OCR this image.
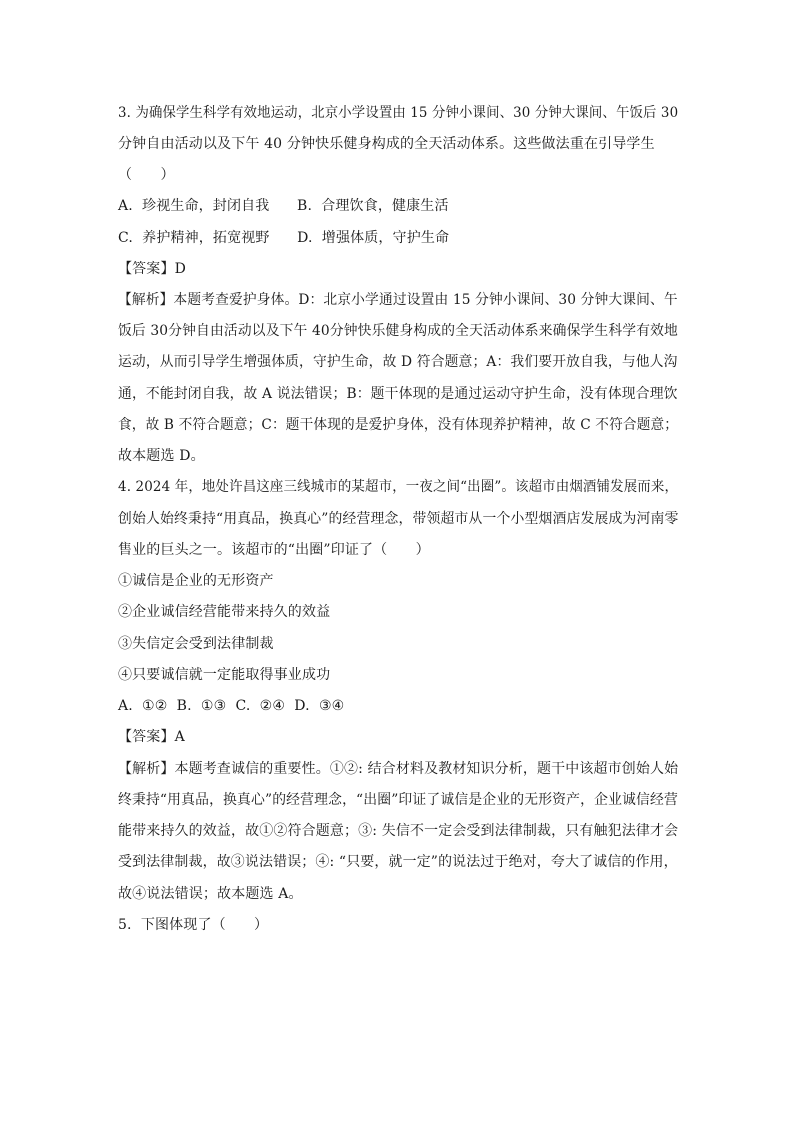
3. 为确保学生科学有效地运动，北京小学设置由 15 分钟小课间、30 分钟大课间、午饭后 30
分钟自由活动以及下午 40 分钟快乐健身构成的全天活动体系。这些做法重在引导学生
（　　）
A.  珍视生命，封闭自我      B.  合理饮食，健康生活
C.  养护精神，拓宽视野      D.  增强体质，守护生命
【答案】D
【解析】本题考查爱护身体。D：北京小学通过设置由 15 分钟小课间、30 分钟大课间、午
饭后 30分钟自由活动以及下午 40分钟快乐健身构成的全天活动体系来确保学生科学有效地
运动，从而引导学生增强体质，守护生命，故 D 符合题意；A：我们要开放自我，与他人沟
通，不能封闭自我，故 A 说法错误；B：题干体现的是通过运动守护生命，没有体现合理饮
食，故 B 不符合题意；C：题干体现的是爱护身体，没有体现养护精神，故 C 不符合题意；
故本题选 D。
4. 2024 年，地处许昌这座三线城市的某超市，一夜之间“出圈”。该超市由烟酒铺发展而来，
创始人始终秉持“用真品，换真心”的经营理念，带领超市从一个小型烟酒店发展成为河南零
售业的巨头之一。该超市的“出圈”印证了（　　）
①诚信是企业的无形资产
②企业诚信经营能带来持久的效益
③失信定会受到法律制裁
④只要诚信就一定能取得事业成功
A.  ①②  B.  ①③  C.  ②④  D.  ③④
【答案】A
【解析】本题考查诚信的重要性。①②: 结合材料及教材知识分析，题干中该超市创始人始
终秉持“用真品，换真心”的经营理念，“出圈”印证了诚信是企业的无形资产，企业诚信经营
能带来持久的效益，故①②符合题意；③: 失信不一定会受到法律制裁，只有触犯法律才会
受到法律制裁，故③说法错误；④: “只要，就一定”的说法过于绝对，夸大了诚信的作用，
故④说法错误；故本题选 A。
5.  下图体现了（　　）
